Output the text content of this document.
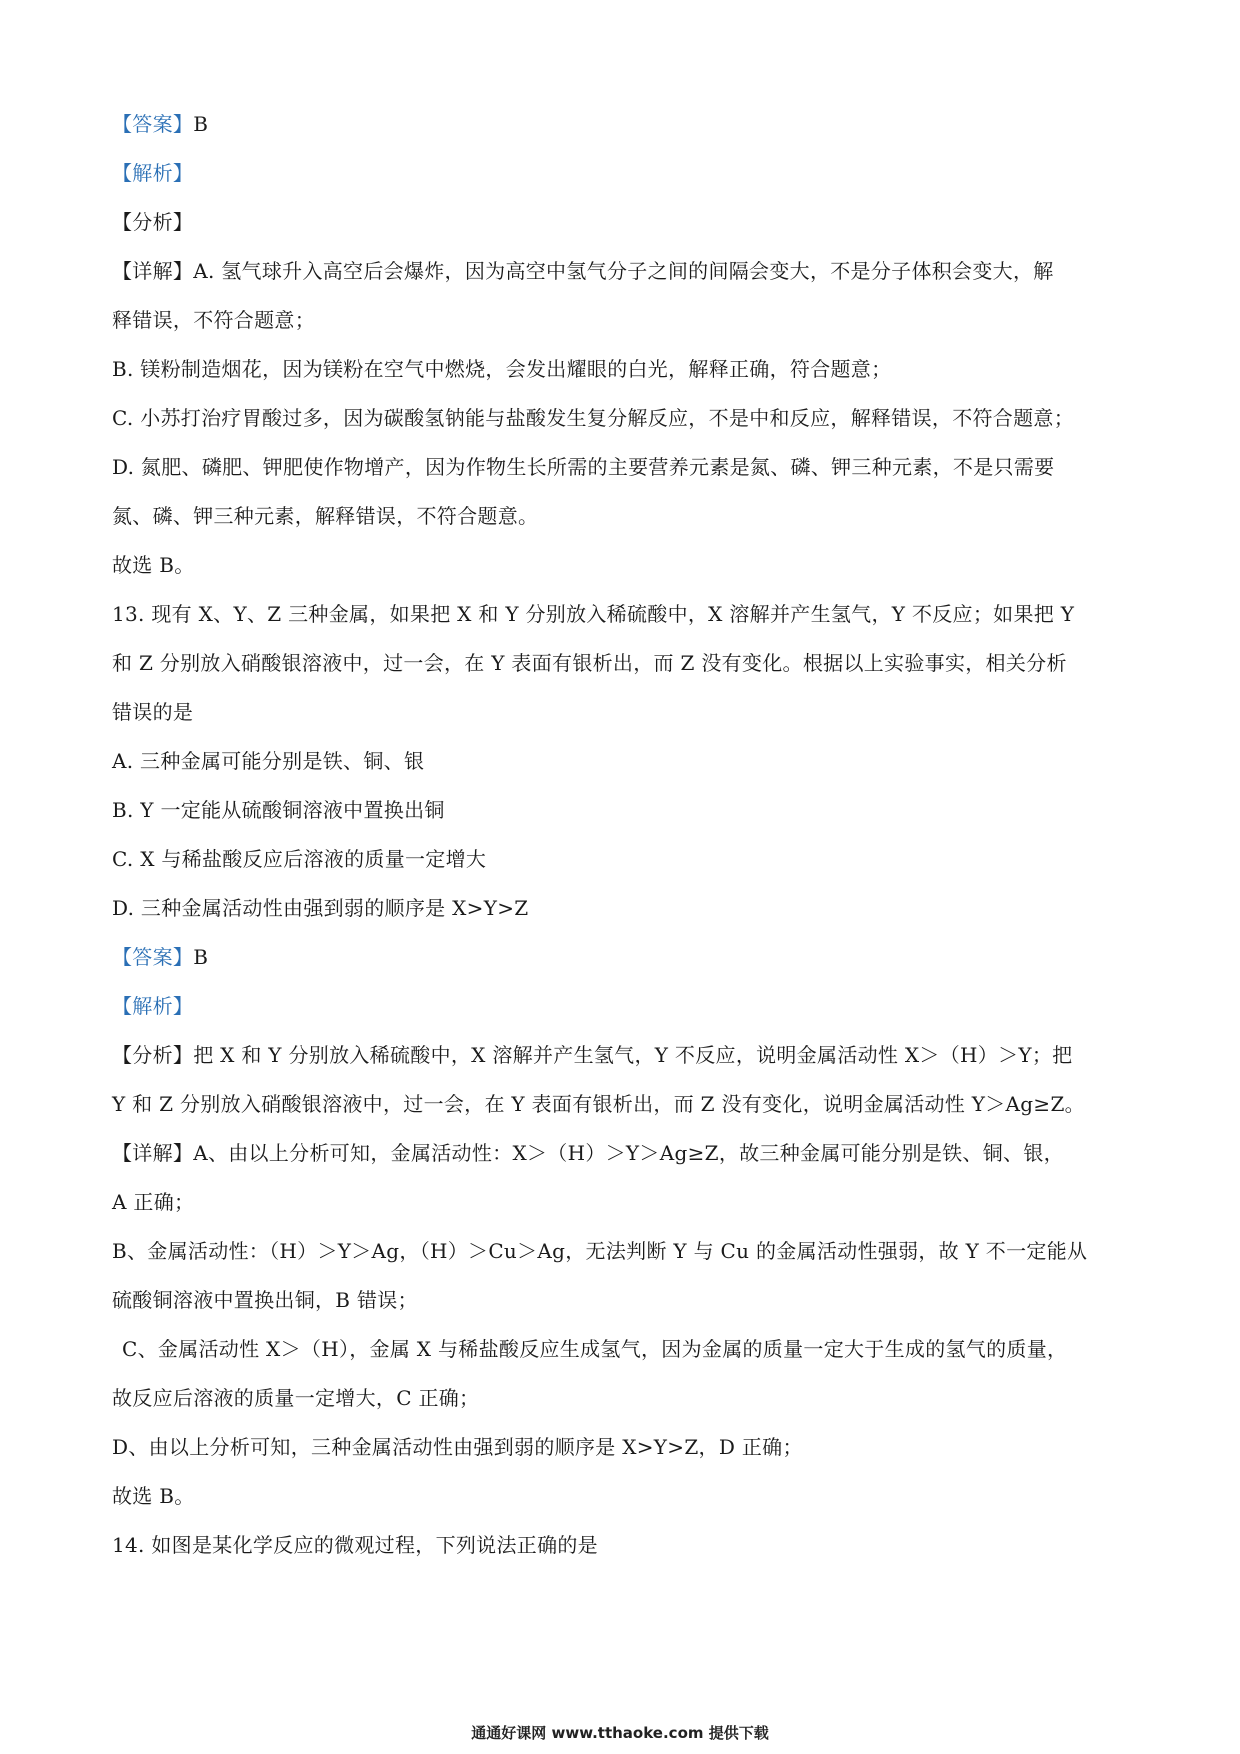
【答案】B
【解析】
【分析】
【详解】A. 氢气球升入高空后会爆炸，因为高空中氢气分子之间的间隔会变大，不是分子体积会变大，解
释错误，不符合题意；
B. 镁粉制造烟花，因为镁粉在空气中燃烧，会发出耀眼的白光，解释正确，符合题意；
C. 小苏打治疗胃酸过多，因为碳酸氢钠能与盐酸发生复分解反应，不是中和反应，解释错误，不符合题意；
D. 氮肥、磷肥、钾肥使作物增产，因为作物生长所需的主要营养元素是氮、磷、钾三种元素，不是只需要
氮、磷、钾三种元素，解释错误，不符合题意。
故选 B。
13. 现有 X、Y、Z 三种金属，如果把 X 和 Y 分别放入稀硫酸中，X 溶解并产生氢气，Y 不反应；如果把 Y
和 Z 分别放入硝酸银溶液中，过一会，在 Y 表面有银析出，而 Z 没有变化。根据以上实验事实，相关分析
错误的是
A. 三种金属可能分别是铁、铜、银
B. Y 一定能从硫酸铜溶液中置换出铜
C. X 与稀盐酸反应后溶液的质量一定增大
D. 三种金属活动性由强到弱的顺序是 X>Y>Z
【答案】B
【解析】
【分析】把 X 和 Y 分别放入稀硫酸中，X 溶解并产生氢气，Y 不反应，说明金属活动性 X＞（H）＞Y；把
Y 和 Z 分别放入硝酸银溶液中，过一会，在 Y 表面有银析出，而 Z 没有变化，说明金属活动性 Y＞Ag≥Z。
【详解】A、由以上分析可知，金属活动性：X＞（H）＞Y＞Ag≥Z，故三种金属可能分别是铁、铜、银，
A 正确；
B、金属活动性：（H）＞Y＞Ag，（H）＞Cu＞Ag，无法判断 Y 与 Cu 的金属活动性强弱，故 Y 不一定能从
硫酸铜溶液中置换出铜，B 错误；
C、金属活动性 X＞（H），金属 X 与稀盐酸反应生成氢气，因为金属的质量一定大于生成的氢气的质量，
故反应后溶液的质量一定增大，C 正确；
D、由以上分析可知，三种金属活动性由强到弱的顺序是 X>Y>Z，D 正确；
故选 B。
14. 如图是某化学反应的微观过程，下列说法正确的是
通通好课网 www.tthaoke.com 提供下载
